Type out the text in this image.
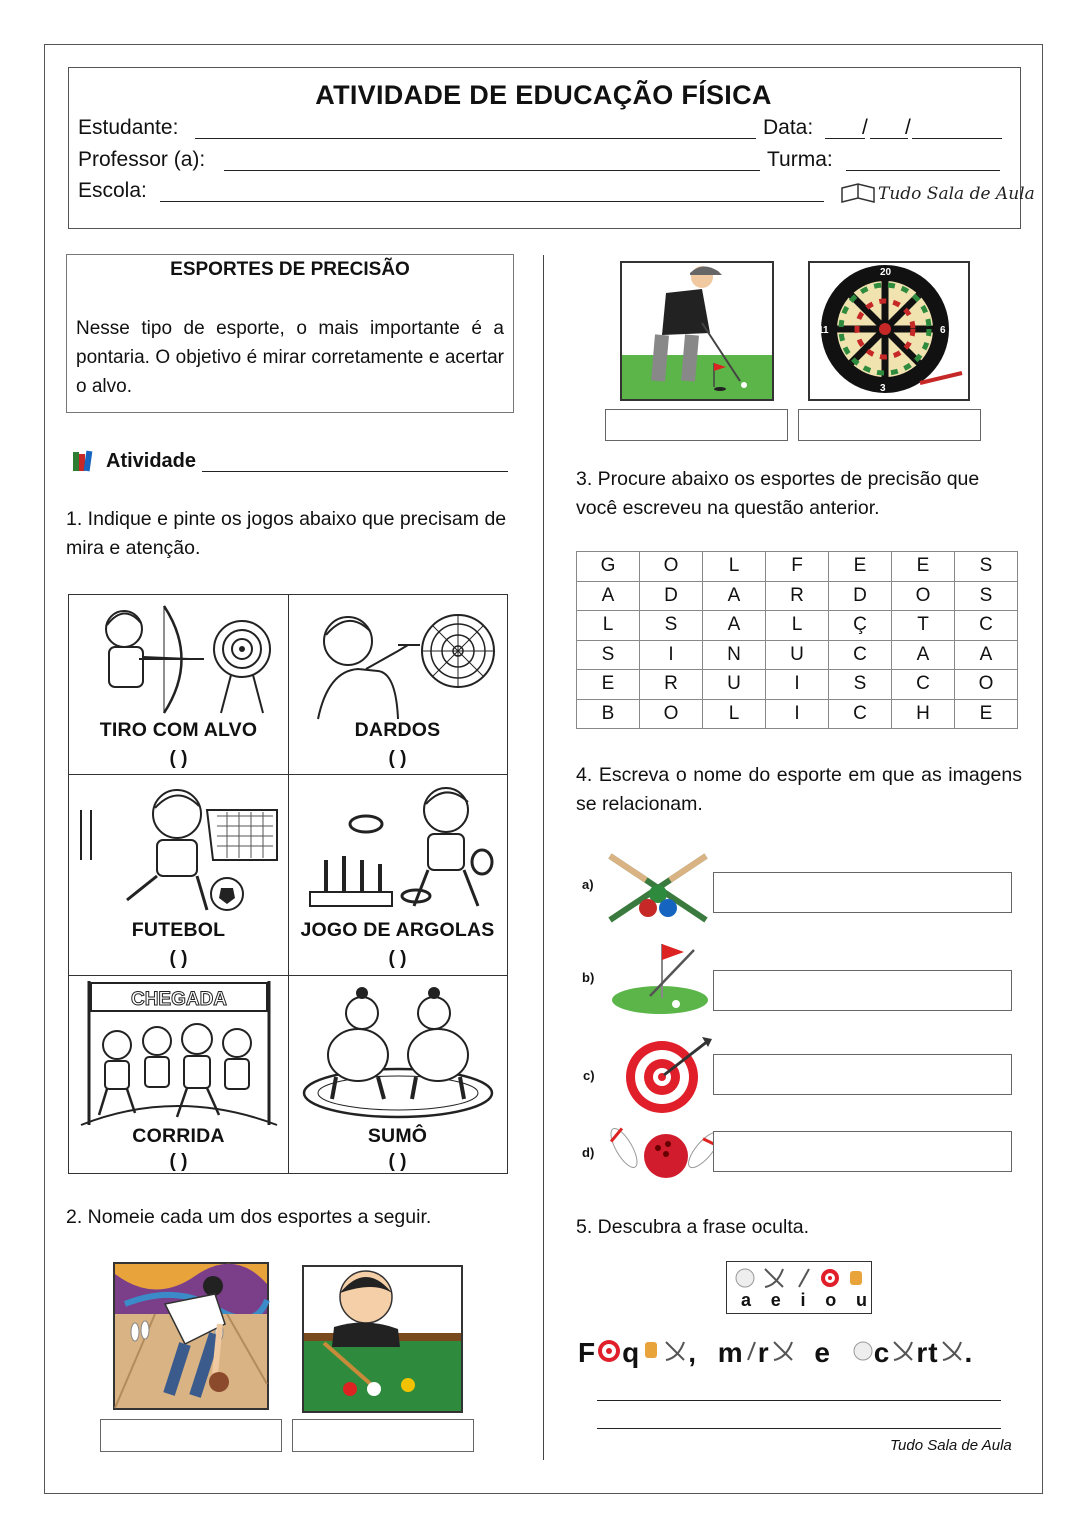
ATIVIDADE DE EDUCAÇÃO FÍSICA
Estudante:	Data: / /
Professor (a):	Turma:
Escola:	Tudo Sala de Aula
ESPORTES DE PRECISÃO
Nesse tipo de esporte, o mais importante é a pontaria. O objetivo é mirar corretamente e acertar o alvo.
Atividade
1. Indique e pinte os jogos abaixo que precisam de mira e atenção.
TIRO COM ALVO
( )
DARDOS
( )
FUTEBOL
( )
JOGO DE ARGOLAS
( )
CHEGADA
CORRIDA
( )
SUMÔ
( )
2. Nomeie cada um dos esportes a seguir.
20
6
3
11
3. Procure abaixo os esportes de precisão que você escreveu na questão anterior.
G	O	L	F	E	E	S
A	D	A	R	D	O	S
L	S	A	L	Ç	T	C
S	I	N	U	C	A	A
E	R	U	I	S	C	O
B	O	L	I	C	H	E
4. Escreva o nome do esporte em que as imagens se relacionam.
a)
b)
c)
d)
5. Descubra a frase oculta.
a e i o u
F q , m r e c rt .
Tudo Sala de Aula
